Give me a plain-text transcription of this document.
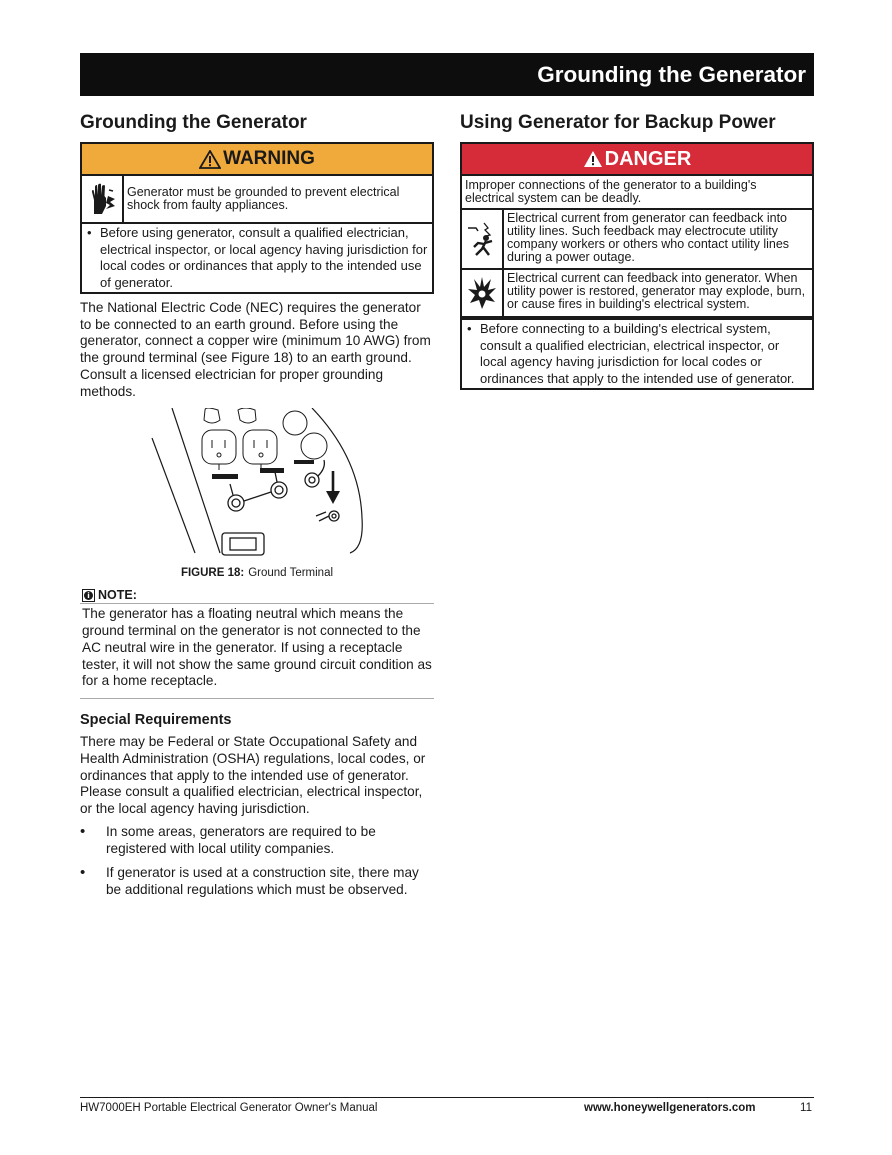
Grounding the Generator
Grounding the Generator
WARNING
Generator must be grounded to prevent electrical shock from faulty appliances.
• Before using generator, consult a qualified electrician, electrical inspector, or local agency having jurisdiction for local codes or ordinances that apply to the intended use of generator.

The National Electric Code (NEC) requires the generator to be connected to an earth ground. Before using the generator, connect a copper wire (minimum 10 AWG) from the ground terminal (see Figure 18) to an earth ground. Consult a licensed electrician for proper grounding methods.

FIGURE 18: Ground Terminal
NOTE:
The generator has a floating neutral which means the ground terminal on the generator is not connected to the AC neutral wire in the generator. If using a receptacle tester, it will not show the same ground circuit condition as for a home receptacle.
Special Requirements

There may be Federal or State Occupational Safety and Health Administration (OSHA) regulations, local codes, or ordinances that apply to the intended use of generator. Please consult a qualified electrician, electrical inspector, or the local agency having jurisdiction.

• In some areas, generators are required to be registered with local utility companies.
• If generator is used at a construction site, there may be additional regulations which must be observed.
Using Generator for Backup Power
DANGER
Improper connections of the generator to a building's electrical system can be deadly.
Electrical current from generator can feedback into utility lines. Such feedback may electrocute utility company workers or others who contact utility lines during a power outage.
Electrical current can feedback into generator. When utility power is restored, generator may explode, burn, or cause fires in building's electrical system.
• Before connecting to a building's electrical system, consult a qualified electrician, electrical inspector, or local agency having jurisdiction for local codes or ordinances that apply to the intended use of generator.
HW7000EH Portable Electrical Generator Owner's Manual	www.honeywellgenerators.com	11
